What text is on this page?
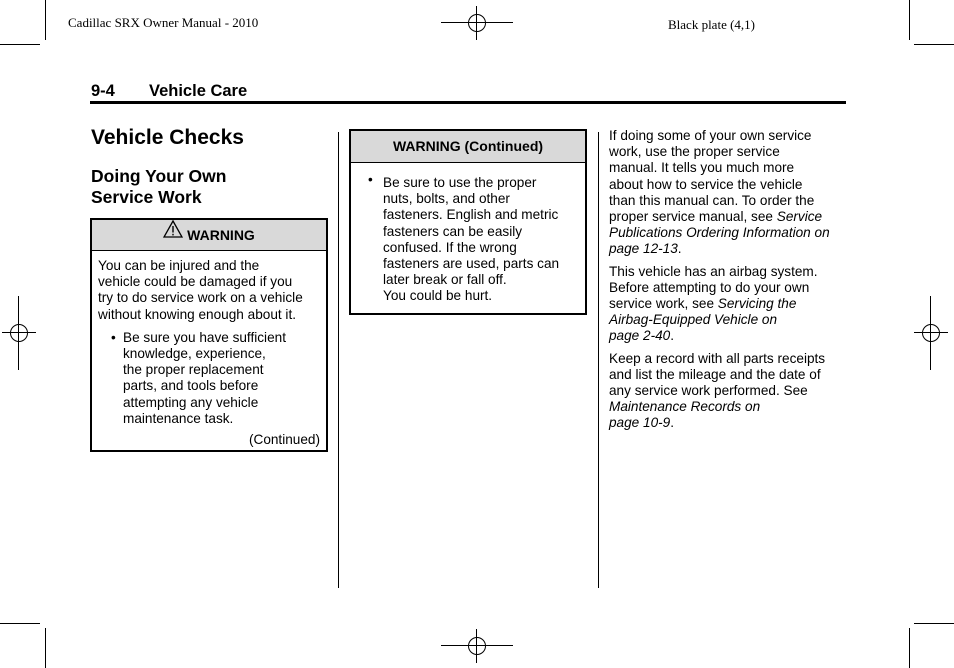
Cadillac SRX Owner Manual - 2010	Black plate (4,1)
9-4 Vehicle Care
Vehicle Checks
Doing Your Own
Service Work
WARNING
You can be injured and the
vehicle could be damaged if you
try to do service work on a vehicle
without knowing enough about it.
• Be sure you have sufficient
knowledge, experience,
the proper replacement
parts, and tools before
attempting any vehicle
maintenance task.
(Continued)
WARNING (Continued)
• Be sure to use the proper
nuts, bolts, and other
fasteners. English and metric
fasteners can be easily
confused. If the wrong
fasteners are used, parts can
later break or fall off.
You could be hurt.
If doing some of your own service
work, use the proper service
manual. It tells you much more
about how to service the vehicle
than this manual can. To order the
proper service manual, see Service
Publications Ordering Information on
page 12-13.
This vehicle has an airbag system.
Before attempting to do your own
service work, see Servicing the
Airbag-Equipped Vehicle on
page 2-40.
Keep a record with all parts receipts
and list the mileage and the date of
any service work performed. See
Maintenance Records on
page 10-9.
